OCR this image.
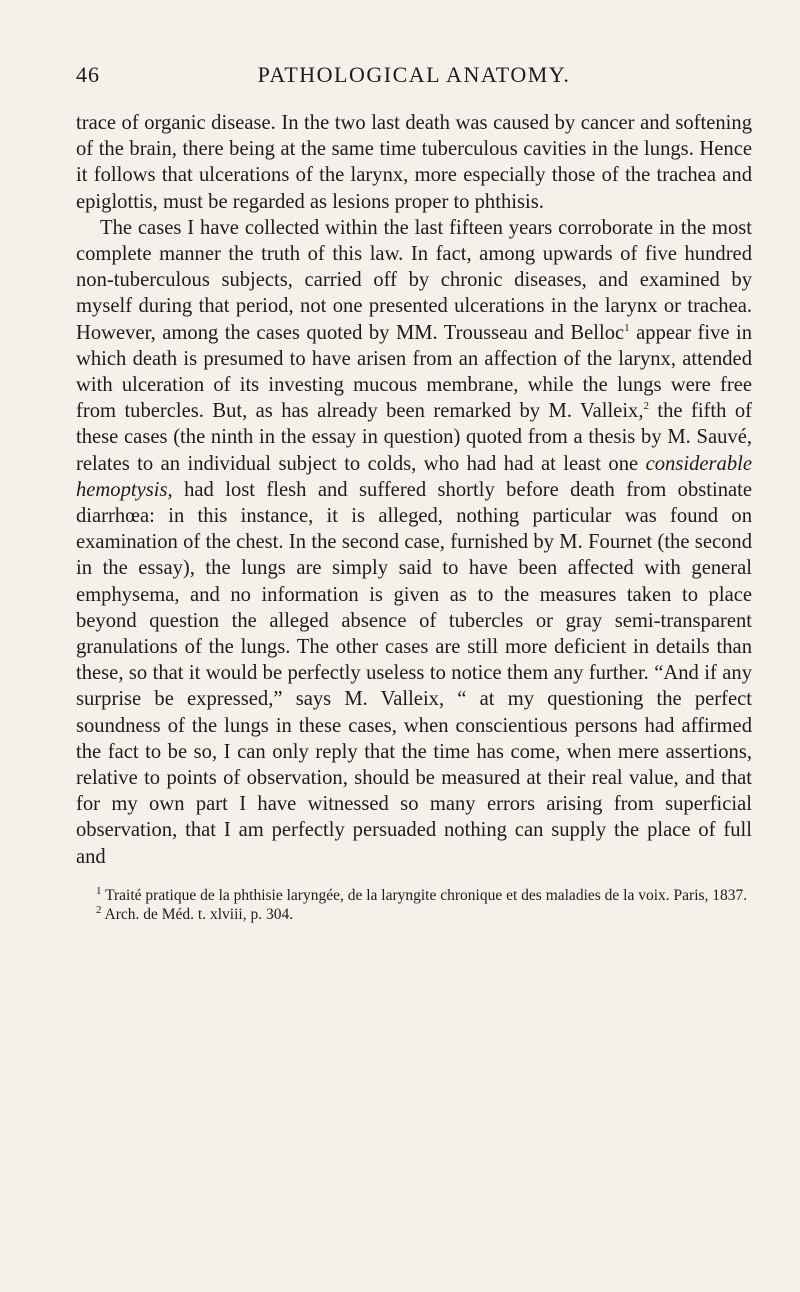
46	PATHOLOGICAL ANATOMY.

trace of organic disease. In the two last death was caused by cancer and softening of the brain, there being at the same time tuberculous cavities in the lungs. Hence it follows that ulcerations of the larynx, more especially those of the trachea and epiglottis, must be regarded as lesions proper to phthisis.

The cases I have collected within the last fifteen years corroborate in the most complete manner the truth of this law. In fact, among upwards of five hundred non-tuberculous subjects, carried off by chronic diseases, and examined by myself during that period, not one presented ulcerations in the larynx or trachea. However, among the cases quoted by MM. Trousseau and Belloc$^1$ appear five in which death is presumed to have arisen from an affection of the larynx, attended with ulceration of its investing mucous membrane, while the lungs were free from tubercles. But, as has already been remarked by M. Valleix,$^2$ the fifth of these cases (the ninth in the essay in question) quoted from a thesis by M. Sauvé, relates to an individual subject to colds, who had had at least one considerable hemoptysis, had lost flesh and suffered shortly before death from obstinate diarrhœa: in this instance, it is alleged, nothing particular was found on examination of the chest. In the second case, furnished by M. Fournet (the second in the essay), the lungs are simply said to have been affected with general emphysema, and no information is given as to the measures taken to place beyond question the alleged absence of tubercles or gray semi-transparent granulations of the lungs. The other cases are still more deficient in details than these, so that it would be perfectly useless to notice them any further. “And if any surprise be expressed,” says M. Valleix, “ at my questioning the perfect soundness of the lungs in these cases, when conscientious persons had affirmed the fact to be so, I can only reply that the time has come, when mere assertions, relative to points of observation, should be measured at their real value, and that for my own part I have witnessed so many errors arising from superficial observation, that I am perfectly persuaded nothing can supply the place of full and

$^1$ Traité pratique de la phthisie laryngée, de la laryngite chronique et des maladies de la voix. Paris, 1837.

$^2$ Arch. de Méd. t. xlviii, p. 304.
